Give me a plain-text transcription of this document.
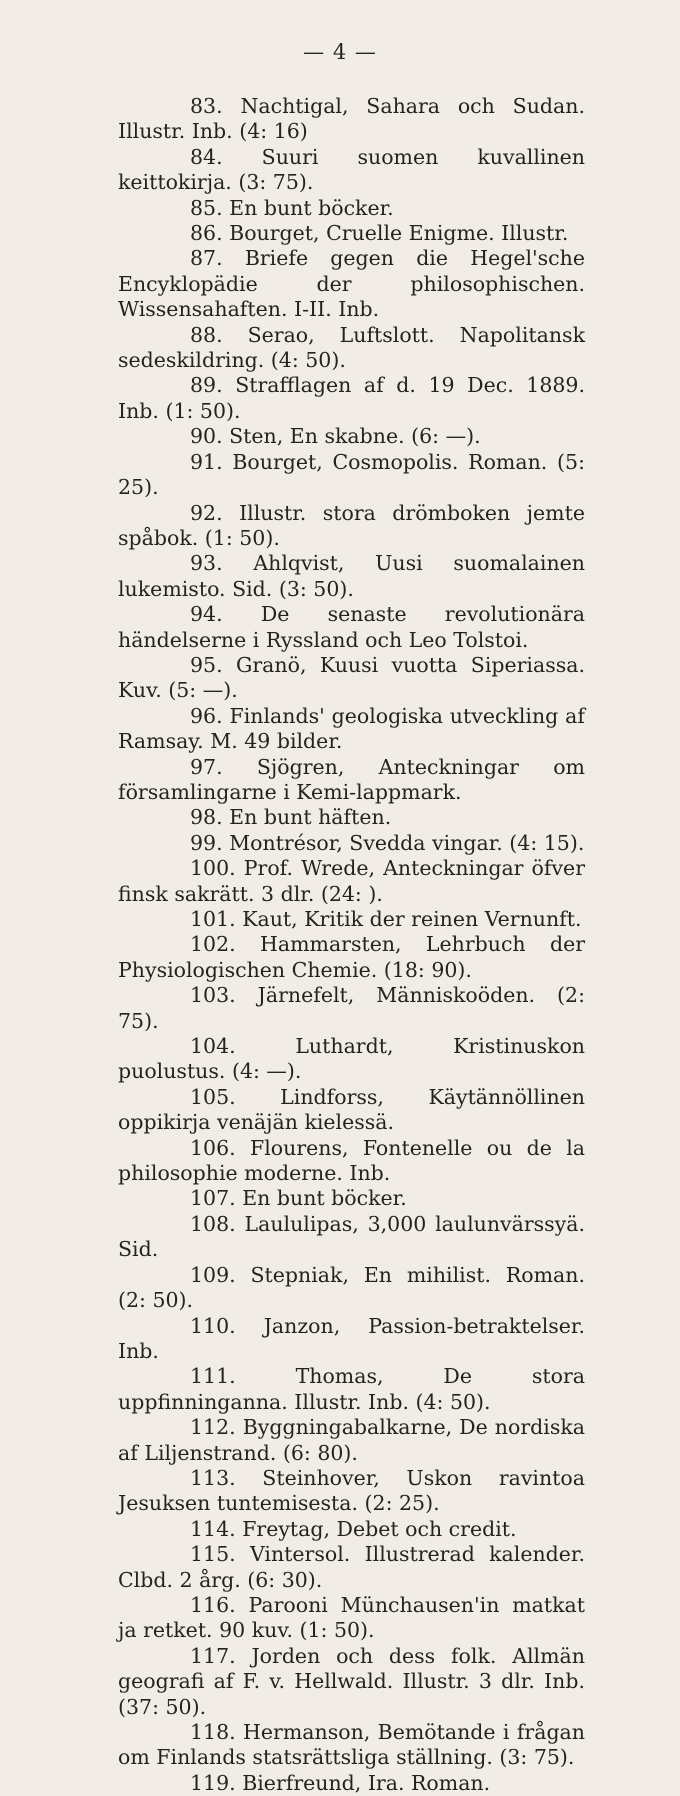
— 4 —

83. Nachtigal, Sahara och Sudan. Illustr. Inb. (4: 16)

84. Suuri suomen kuvallinen keittokirja. (3: 75).

85. En bunt böcker.

86. Bourget, Cruelle Enigme. Illustr.

87. Briefe gegen die Hegel'sche Encyklopädie der philosophischen. Wissensahaften. I-II. Inb.

88. Serao, Luftslott. Napolitansk sedeskildring. (4: 50).

89. Strafflagen af d. 19 Dec. 1889. Inb. (1: 50).

90. Sten, En skabne. (6: —).

91. Bourget, Cosmopolis. Roman. (5: 25).

92. Illustr. stora drömboken jemte spåbok. (1: 50).

93. Ahlqvist, Uusi suomalainen lukemisto. Sid. (3: 50).

94. De senaste revolutionära händelserne i Ryssland och Leo Tolstoi.

95. Granö, Kuusi vuotta Siperiassa. Kuv. (5: —).

96. Finlands' geologiska utveckling af Ramsay. M. 49 bilder.

97. Sjögren, Anteckningar om församlingarne i Kemi-lappmark.

98. En bunt häften.

99. Montrésor, Svedda vingar. (4: 15).

100. Prof. Wrede, Anteckningar öfver finsk sakrätt. 3 dlr. (24: ).

101. Kaut, Kritik der reinen Vernunft.

102. Hammarsten, Lehrbuch der Physiologischen Chemie. (18: 90).

103. Järnefelt, Människoöden. (2: 75).

104.	Luthardt, Kristinuskon puolustus. (4: —).

105. Lindforss, Käytännöllinen oppikirja venäjän kielessä.

106. Flourens, Fontenelle ou de la philosophie moderne. Inb.

107. En bunt böcker.

108. Laululipas, 3,000 laulunvärssyä. Sid.

109. Stepniak, En mihilist. Roman. (2: 50).

110. Janzon, Passion-betraktelser. Inb.

111.	Thomas, De stora uppfinninganna. Illustr. Inb. (4: 50).

112. Byggningabalkarne, De nordiska af Liljenstrand. (6: 80).

113. Steinhover, Uskon ravintoa Jesuksen tuntemisesta. (2: 25).

114. Freytag, Debet och credit.

115. Vintersol. Illustrerad kalender. Clbd. 2 årg. (6: 30).

116. Parooni Münchausen'in matkat ja retket. 90 kuv. (1: 50).

117. Jorden och dess folk. Allmän geografi af F. v. Hellwald. Illustr. 3 dlr. Inb. (37: 50).

118. Hermanson, Bemötande i frågan om Finlands statsrättsliga ställning. (3: 75).

119. Bierfreund, Ira. Roman.
